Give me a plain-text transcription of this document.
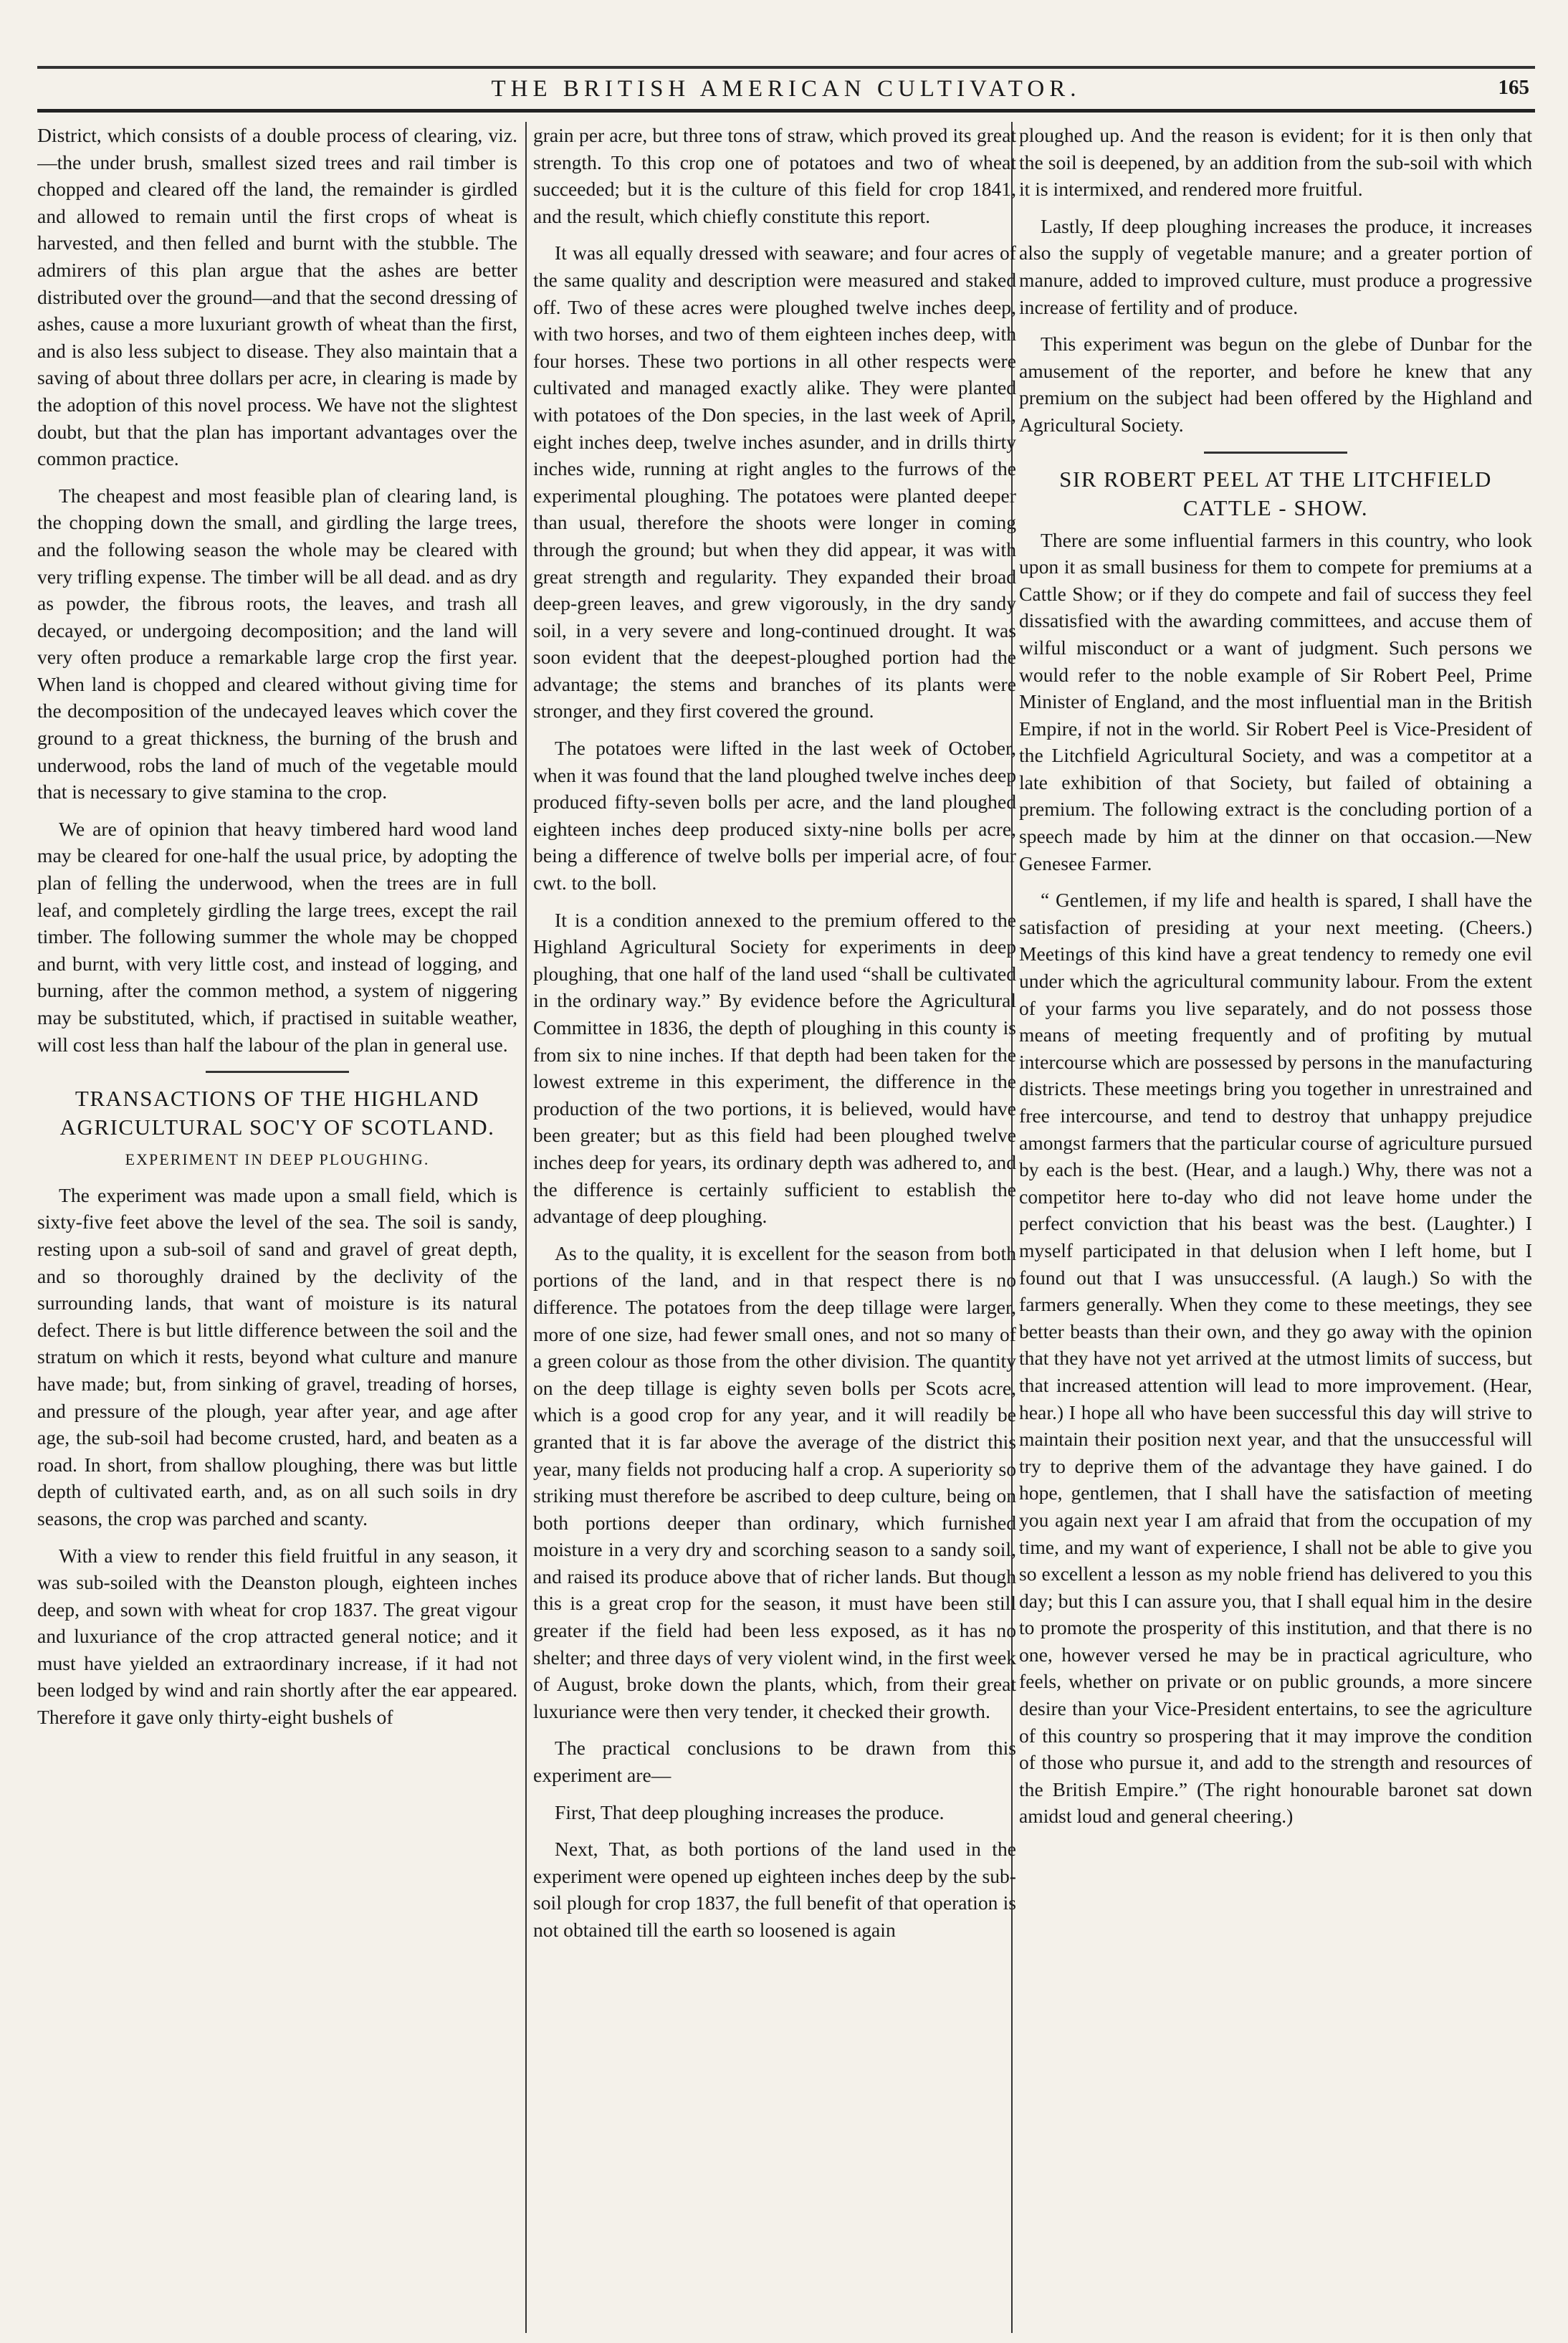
THE BRITISH AMERICAN CULTIVATOR.	165

District, which consists of a double process of clearing, viz.—the under brush, smallest sized trees and rail timber is chopped and cleared off the land, the remainder is girdled and allowed to remain until the first crops of wheat is harvested, and then felled and burnt with the stubble. The admirers of this plan argue that the ashes are better distributed over the ground—and that the second dressing of ashes, cause a more luxuriant growth of wheat than the first, and is also less subject to disease. They also maintain that a saving of about three dollars per acre, in clearing is made by the adoption of this novel process. We have not the slightest doubt, but that the plan has important advantages over the common practice.

The cheapest and most feasible plan of clearing land, is the chopping down the small, and girdling the large trees, and the following season the whole may be cleared with very trifling expense. The timber will be all dead. and as dry as powder, the fibrous roots, the leaves, and trash all decayed, or undergoing decomposition; and the land will very often produce a remarkable large crop the first year. When land is chopped and cleared without giving time for the decomposition of the undecayed leaves which cover the ground to a great thickness, the burning of the brush and underwood, robs the land of much of the vegetable mould that is necessary to give stamina to the crop.

We are of opinion that heavy timbered hard wood land may be cleared for one-half the usual price, by adopting the plan of felling the underwood, when the trees are in full leaf, and completely girdling the large trees, except the rail timber. The following summer the whole may be chopped and burnt, with very little cost, and instead of logging, and burning, after the common method, a system of niggering may be substituted, which, if practised in suitable weather, will cost less than half the labour of the plan in general use.

TRANSACTIONS OF THE HIGHLAND AGRICULTURAL SOC'Y OF SCOTLAND.
EXPERIMENT IN DEEP PLOUGHING.

The experiment was made upon a small field, which is sixty-five feet above the level of the sea. The soil is sandy, resting upon a sub-soil of sand and gravel of great depth, and so thoroughly drained by the declivity of the surrounding lands, that want of moisture is its natural defect. There is but little difference between the soil and the stratum on which it rests, beyond what culture and manure have made; but, from sinking of gravel, treading of horses, and pressure of the plough, year after year, and age after age, the sub-soil had become crusted, hard, and beaten as a road. In short, from shallow ploughing, there was but little depth of cultivated earth, and, as on all such soils in dry seasons, the crop was parched and scanty.

With a view to render this field fruitful in any season, it was sub-soiled with the Deanston plough, eighteen inches deep, and sown with wheat for crop 1837. The great vigour and luxuriance of the crop attracted general notice; and it must have yielded an extraordinary increase, if it had not been lodged by wind and rain shortly after the ear appeared. Therefore it gave only thirty-eight bushels of

grain per acre, but three tons of straw, which proved its great strength. To this crop one of potatoes and two of wheat succeeded; but it is the culture of this field for crop 1841, and the result, which chiefly constitute this report.

It was all equally dressed with seaware; and four acres of the same quality and description were measured and staked off. Two of these acres were ploughed twelve inches deep, with two horses, and two of them eighteen inches deep, with four horses. These two portions in all other respects were cultivated and managed exactly alike. They were planted with potatoes of the Don species, in the last week of April, eight inches deep, twelve inches asunder, and in drills thirty inches wide, running at right angles to the furrows of the experimental ploughing. The potatoes were planted deeper than usual, therefore the shoots were longer in coming through the ground; but when they did appear, it was with great strength and regularity. They expanded their broad deep-green leaves, and grew vigorously, in the dry sandy soil, in a very severe and long-continued drought. It was soon evident that the deepest-ploughed portion had the advantage; the stems and branches of its plants were stronger, and they first covered the ground.

The potatoes were lifted in the last week of October, when it was found that the land ploughed twelve inches deep produced fifty-seven bolls per acre, and the land ploughed eighteen inches deep produced sixty-nine bolls per acre, being a difference of twelve bolls per imperial acre, of four cwt. to the boll.

It is a condition annexed to the premium offered to the Highland Agricultural Society for experiments in deep ploughing, that one half of the land used “shall be cultivated in the ordinary way.” By evidence before the Agricultural Committee in 1836, the depth of ploughing in this county is from six to nine inches. If that depth had been taken for the lowest extreme in this experiment, the difference in the production of the two portions, it is believed, would have been greater; but as this field had been ploughed twelve inches deep for years, its ordinary depth was adhered to, and the difference is certainly sufficient to establish the advantage of deep ploughing.

As to the quality, it is excellent for the season from both portions of the land, and in that respect there is no difference. The potatoes from the deep tillage were larger, more of one size, had fewer small ones, and not so many of a green colour as those from the other division. The quantity on the deep tillage is eighty seven bolls per Scots acre, which is a good crop for any year, and it will readily be granted that it is far above the average of the district this year, many fields not producing half a crop. A superiority so striking must therefore be ascribed to deep culture, being on both portions deeper than ordinary, which furnished moisture in a very dry and scorching season to a sandy soil, and raised its produce above that of richer lands. But though this is a great crop for the season, it must have been still greater if the field had been less exposed, as it has no shelter; and three days of very violent wind, in the first week of August, broke down the plants, which, from their great luxuriance were then very tender, it checked their growth.

The practical conclusions to be drawn from this experiment are—

First, That deep ploughing increases the produce.

Next, That, as both portions of the land used in the experiment were opened up eighteen inches deep by the sub-soil plough for crop 1837, the full benefit of that operation is not obtained till the earth so loosened is again

ploughed up. And the reason is evident; for it is then only that the soil is deepened, by an addition from the sub-soil with which it is intermixed, and rendered more fruitful.

Lastly, If deep ploughing increases the produce, it increases also the supply of vegetable manure; and a greater portion of manure, added to improved culture, must produce a progressive increase of fertility and of produce.

This experiment was begun on the glebe of Dunbar for the amusement of the reporter, and before he knew that any premium on the subject had been offered by the Highland and Agricultural Society.

SIR ROBERT PEEL AT THE LITCHFIELD CATTLE - SHOW.

There are some influential farmers in this country, who look upon it as small business for them to compete for premiums at a Cattle Show; or if they do compete and fail of success they feel dissatisfied with the awarding committees, and accuse them of wilful misconduct or a want of judgment. Such persons we would refer to the noble example of Sir Robert Peel, Prime Minister of England, and the most influential man in the British Empire, if not in the world. Sir Robert Peel is Vice-President of the Litchfield Agricultural Society, and was a competitor at a late exhibition of that Society, but failed of obtaining a premium. The following extract is the concluding portion of a speech made by him at the dinner on that occasion.—New Genesee Farmer.

“ Gentlemen, if my life and health is spared, I shall have the satisfaction of presiding at your next meeting. (Cheers.) Meetings of this kind have a great tendency to remedy one evil under which the agricultural community labour. From the extent of your farms you live separately, and do not possess those means of meeting frequently and of profiting by mutual intercourse which are possessed by persons in the manufacturing districts. These meetings bring you together in unrestrained and free intercourse, and tend to destroy that unhappy prejudice amongst farmers that the particular course of agriculture pursued by each is the best. (Hear, and a laugh.) Why, there was not a competitor here to-day who did not leave home under the perfect conviction that his beast was the best. (Laughter.) I myself participated in that delusion when I left home, but I found out that I was unsuccessful. (A laugh.) So with the farmers generally. When they come to these meetings, they see better beasts than their own, and they go away with the opinion that they have not yet arrived at the utmost limits of success, but that increased attention will lead to more improvement. (Hear, hear.) I hope all who have been successful this day will strive to maintain their position next year, and that the unsuccessful will try to deprive them of the advantage they have gained. I do hope, gentlemen, that I shall have the satisfaction of meeting you again next year I am afraid that from the occupation of my time, and my want of experience, I shall not be able to give you so excellent a lesson as my noble friend has delivered to you this day; but this I can assure you, that I shall equal him in the desire to promote the prosperity of this institution, and that there is no one, however versed he may be in practical agriculture, who feels, whether on private or on public grounds, a more sincere desire than your Vice-President entertains, to see the agriculture of this country so prospering that it may improve the condition of those who pursue it, and add to the strength and resources of the British Empire.” (The right honourable baronet sat down amidst loud and general cheering.)
